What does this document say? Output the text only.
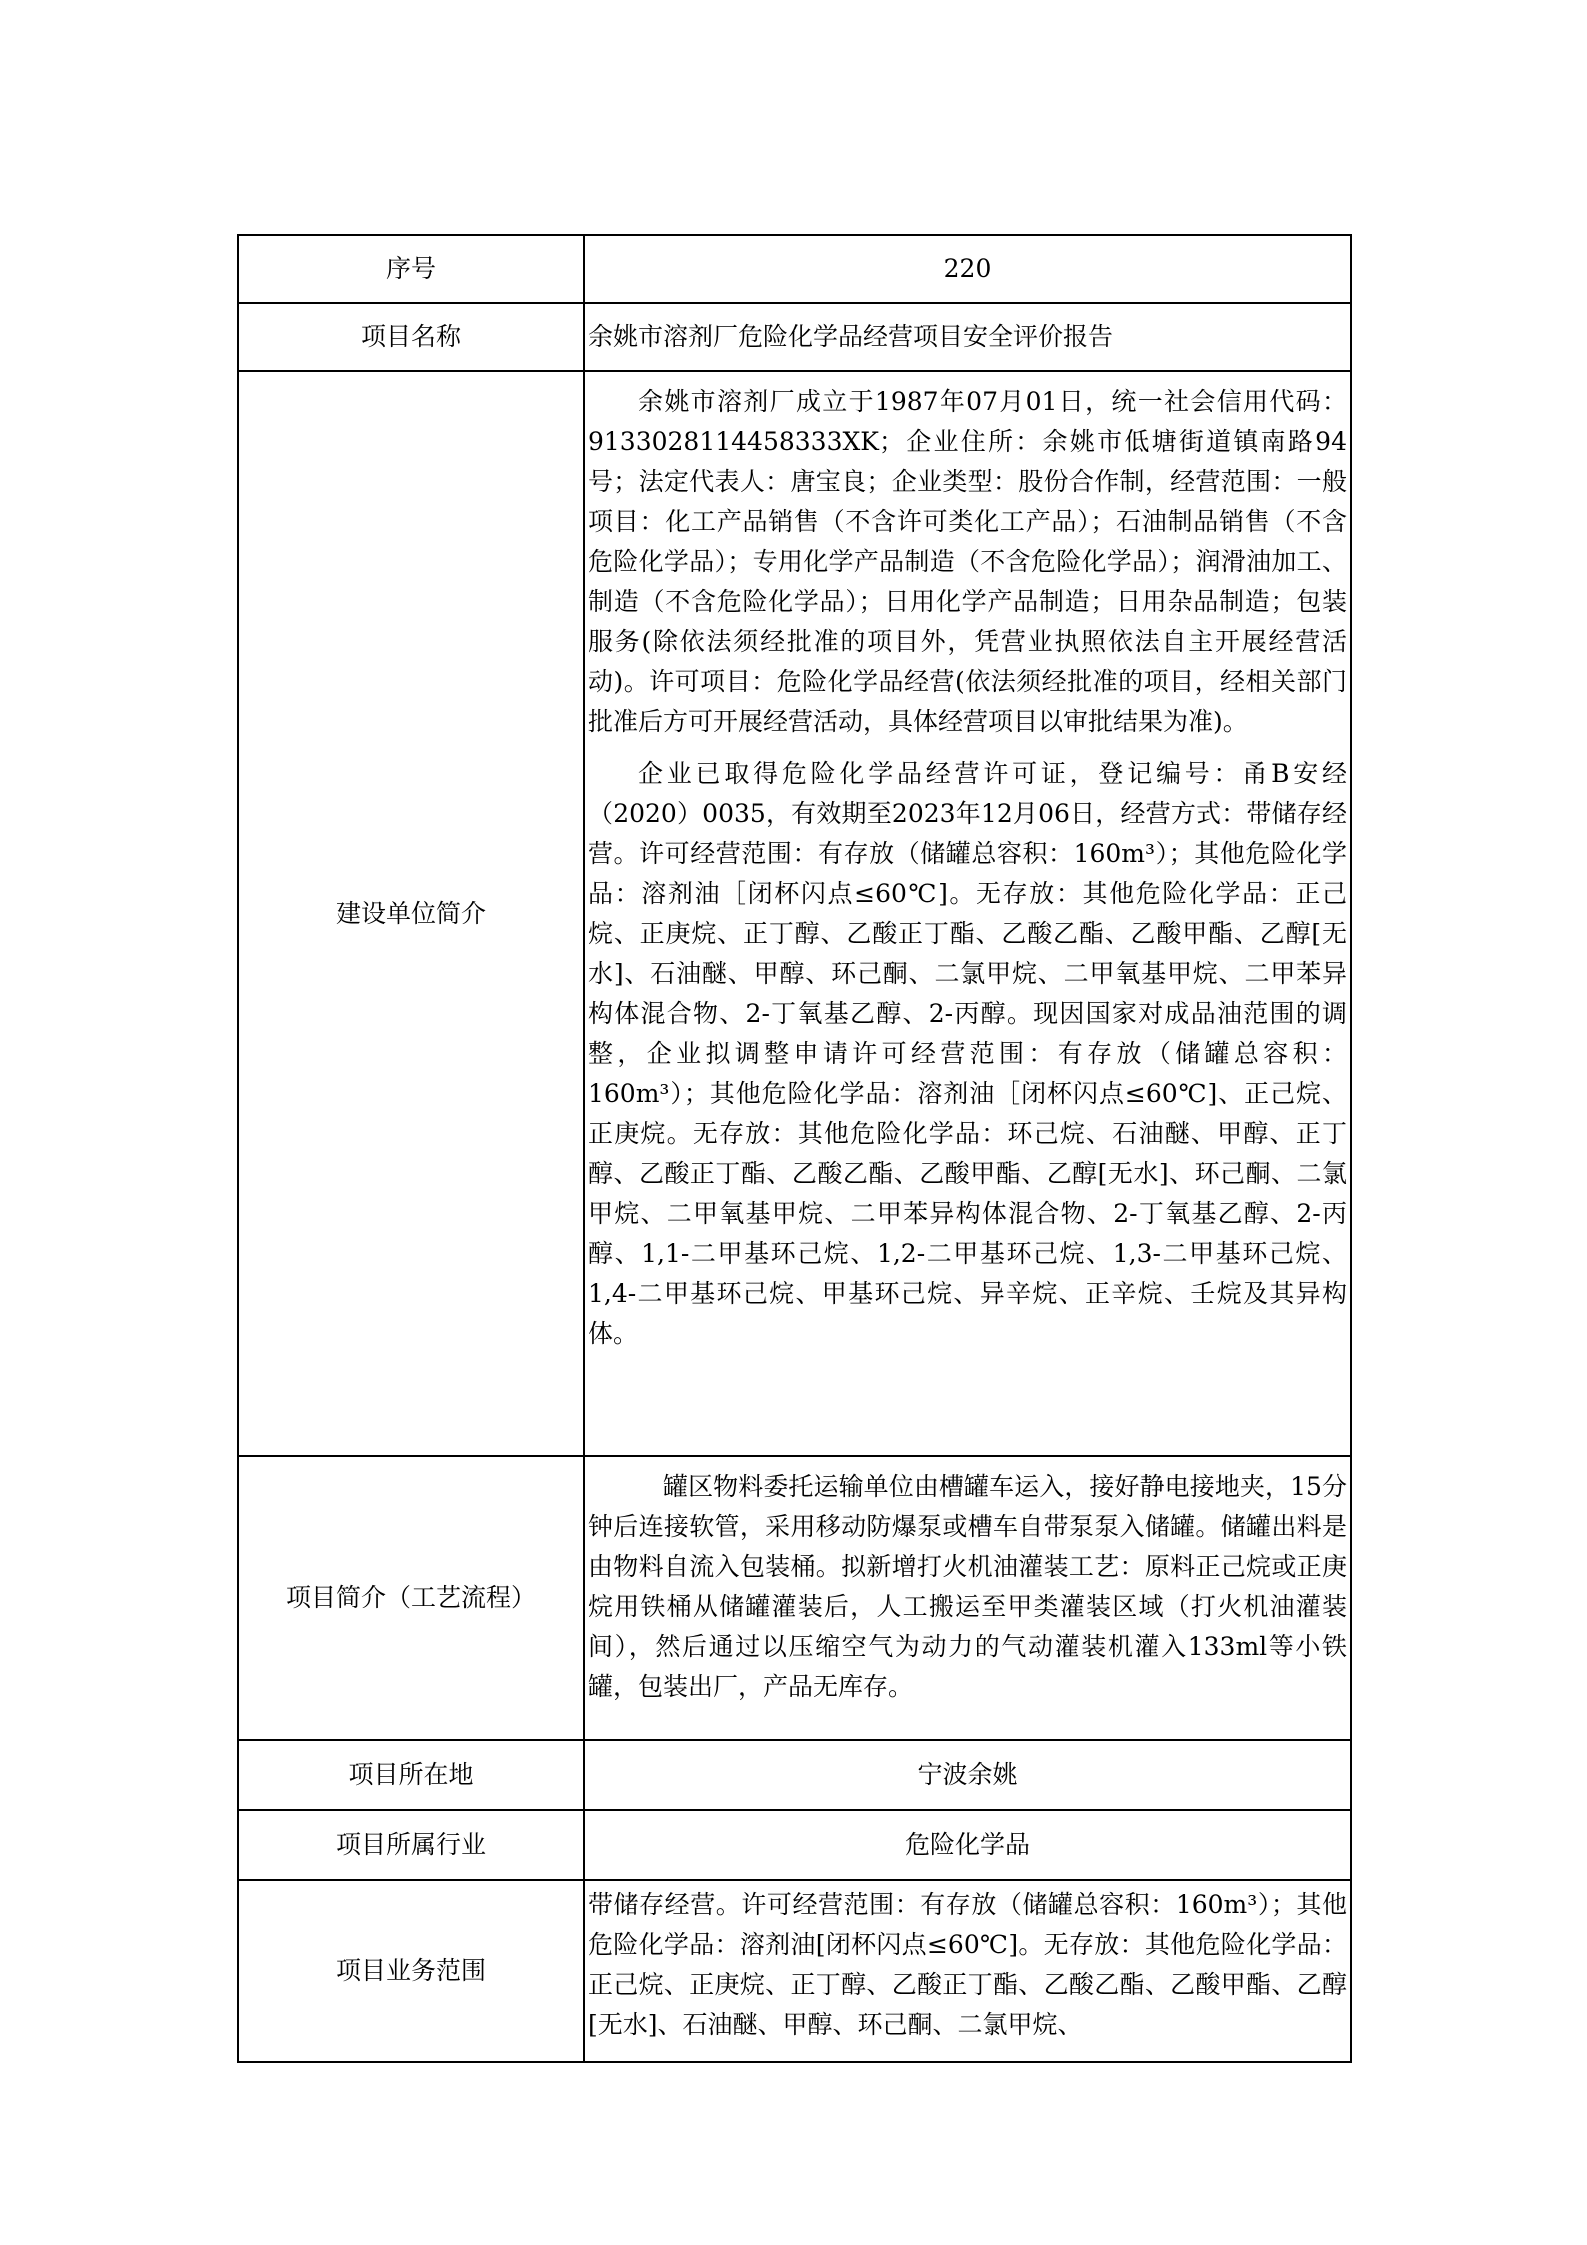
序号	220
项目名称	余姚市溶剂厂危险化学品经营项目安全评价报告
建设单位简介	余姚市溶剂厂成立于1987年07月01日，统一社会信用代码：9133028114458333XK；企业住所：余姚市低塘街道镇南路94号；法定代表人：唐宝良；企业类型：股份合作制，经营范围：一般项目：化工产品销售（不含许可类化工产品）；石油制品销售（不含危险化学品）；专用化学产品制造（不含危险化学品）；润滑油加工、制造（不含危险化学品）；日用化学产品制造；日用杂品制造；包装服务(除依法须经批准的项目外，凭营业执照依法自主开展经营活动)。许可项目：危险化学品经营(依法须经批准的项目，经相关部门批准后方可开展经营活动，具体经营项目以审批结果为准)。

企业已取得危险化学品经营许可证，登记编号：甬B安经（2020）0035，有效期至2023年12月06日，经营方式：带储存经营。许可经营范围：有存放（储罐总容积：160m³）；其他危险化学品：溶剂油［闭杯闪点≤60℃]。无存放：其他危险化学品：正己烷、正庚烷、正丁醇、乙酸正丁酯、乙酸乙酯、乙酸甲酯、乙醇[无水]、石油醚、甲醇、环己酮、二氯甲烷、二甲氧基甲烷、二甲苯异构体混合物、2-丁氧基乙醇、2-丙醇。现因国家对成品油范围的调整，企业拟调整申请许可经营范围：有存放（储罐总容积：160m³）；其他危险化学品：溶剂油［闭杯闪点≤60℃]、正己烷、正庚烷。无存放：其他危险化学品：环己烷、石油醚、甲醇、正丁醇、乙酸正丁酯、乙酸乙酯、乙酸甲酯、乙醇[无水]、环己酮、二氯甲烷、二甲氧基甲烷、二甲苯异构体混合物、2-丁氧基乙醇、2-丙醇、1,1-二甲基环己烷、1,2-二甲基环己烷、1,3-二甲基环己烷、1,4-二甲基环己烷、甲基环己烷、异辛烷、正辛烷、壬烷及其异构体。

项目简介（工艺流程）	罐区物料委托运输单位由槽罐车运入，接好静电接地夹，15分钟后连接软管，采用移动防爆泵或槽车自带泵泵入储罐。储罐出料是由物料自流入包装桶。拟新增打火机油灌装工艺：原料正己烷或正庚烷用铁桶从储罐灌装后，人工搬运至甲类灌装区域（打火机油灌装间），然后通过以压缩空气为动力的气动灌装机灌入133ml等小铁罐，包装出厂，产品无库存。

项目所在地	宁波余姚
项目所属行业	危险化学品
项目业务范围	带储存经营。许可经营范围：有存放（储罐总容积：160m³）；其他危险化学品：溶剂油[闭杯闪点≤60℃]。无存放：其他危险化学品：正己烷、正庚烷、正丁醇、乙酸正丁酯、乙酸乙酯、乙酸甲酯、乙醇[无水]、石油醚、甲醇、环己酮、二氯甲烷、
